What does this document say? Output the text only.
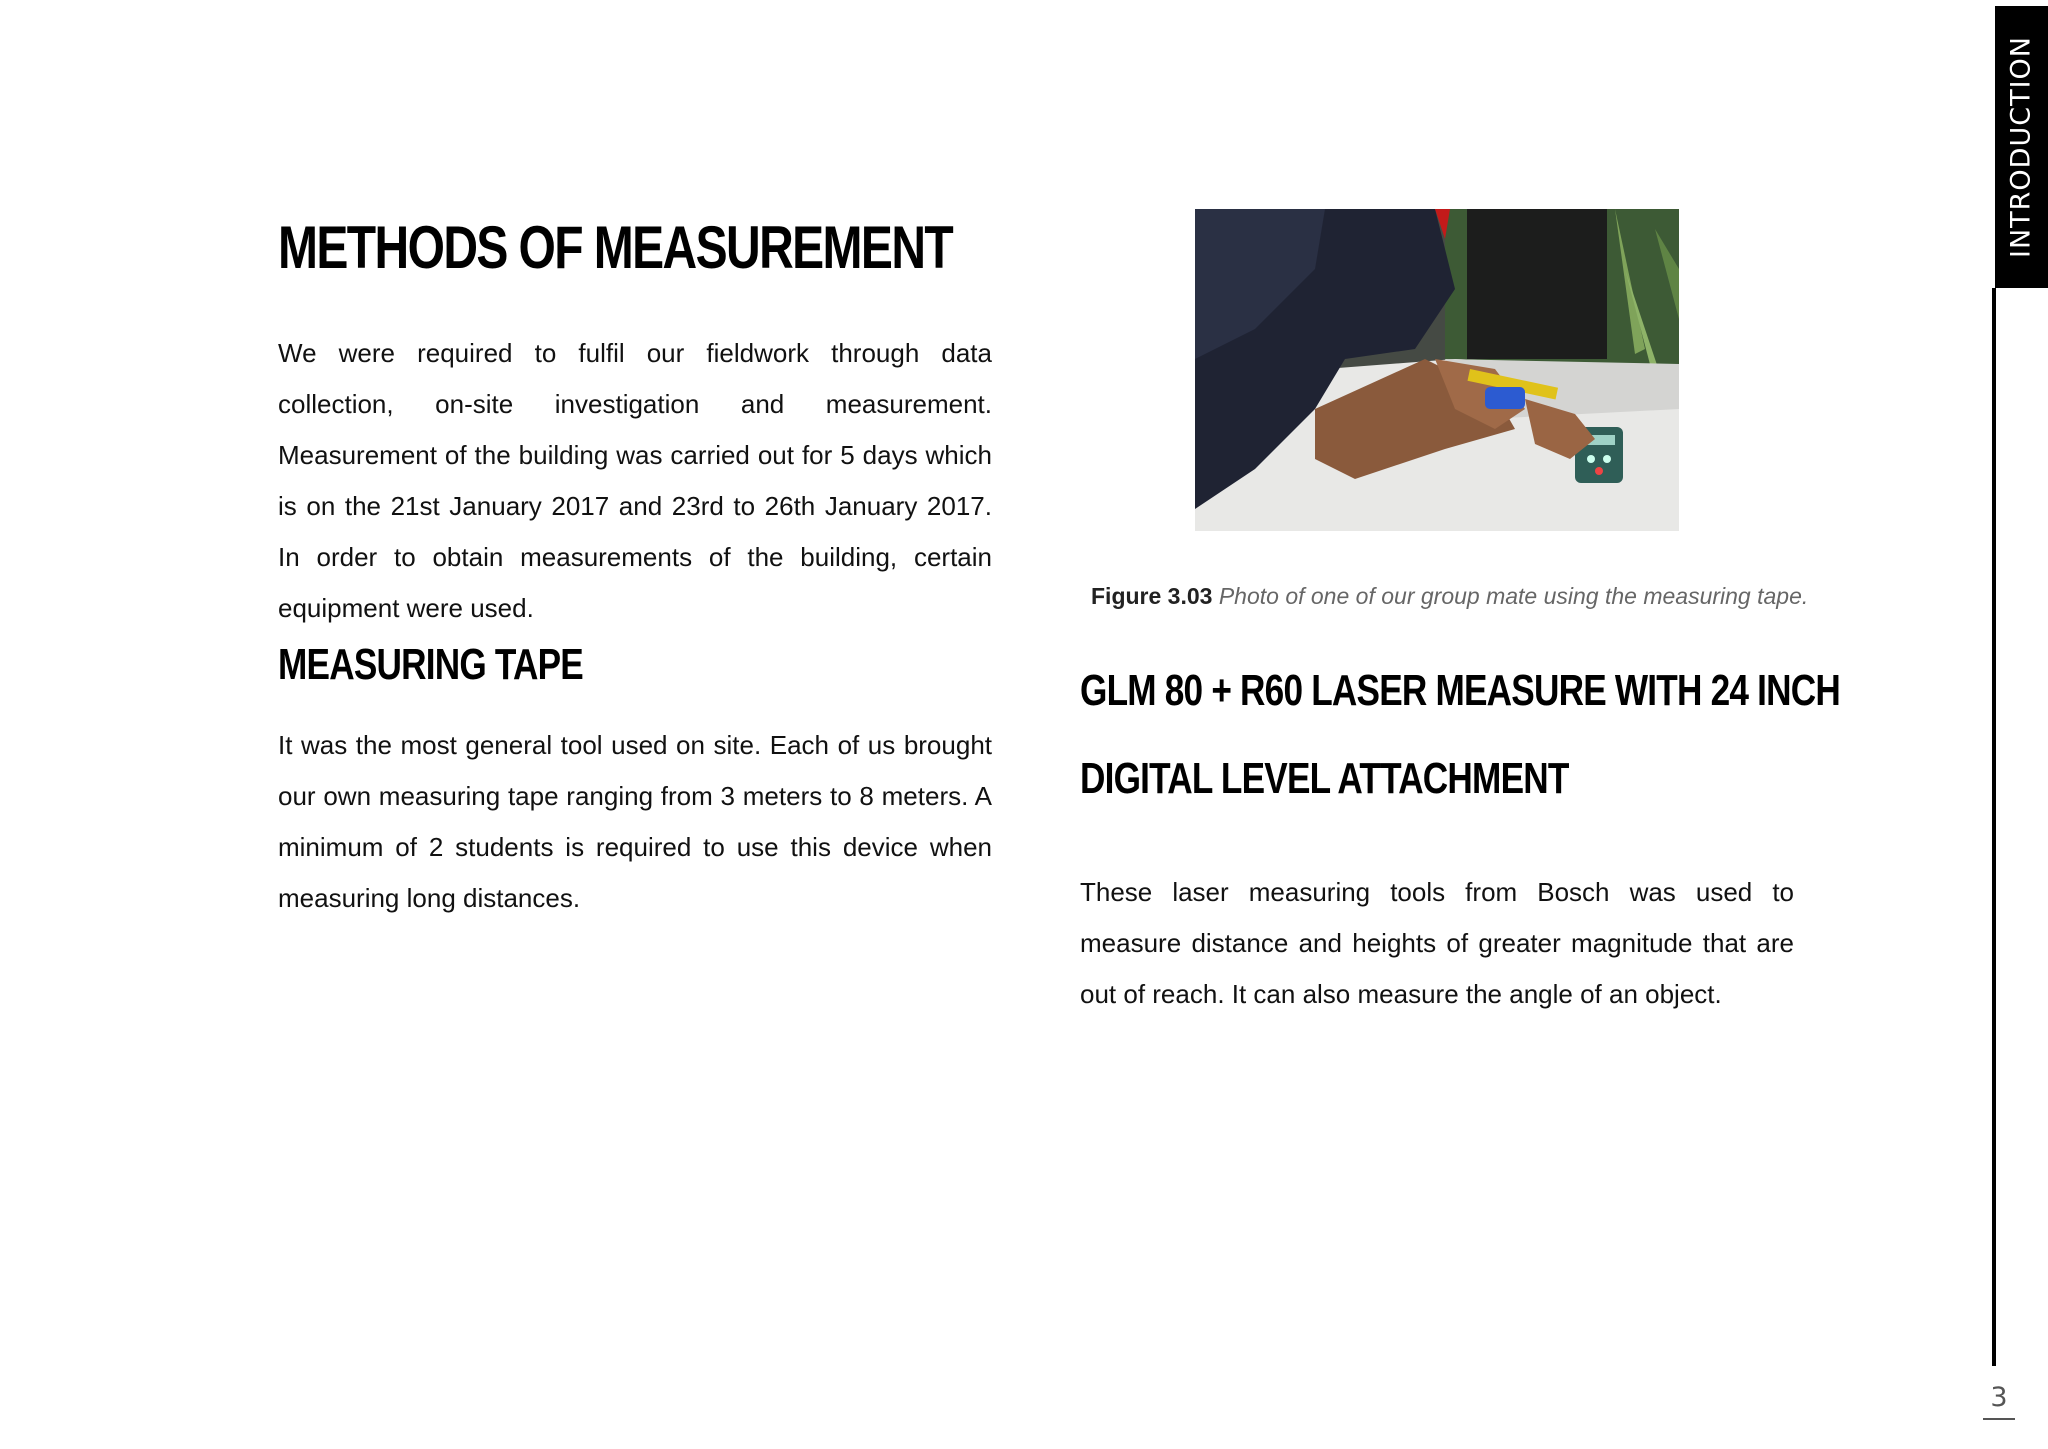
METHODS OF MEASUREMENT

We were required to fulfil our fieldwork through data collection, on-site investigation and measurement. Measurement of the building was carried out for 5 days which is on the 21st January 2017 and 23rd to 26th January 2017. In order to obtain measurements of the building, certain equipment were used.

MEASURING TAPE

It was the most general tool used on site. Each of us brought our own measuring tape ranging from 3 meters to 8 meters. A minimum of 2 students is required to use this device when measuring long distances.

Figure 3.03 Photo of one of our group mate using the measuring tape.
GLM 80 + R60 LASER MEASURE WITH 24 INCH
DIGITAL LEVEL ATTACHMENT

These laser measuring tools from Bosch was used to measure distance and heights of greater magnitude that are out of reach. It can also measure the angle of an object.

INTRODUCTION
3
